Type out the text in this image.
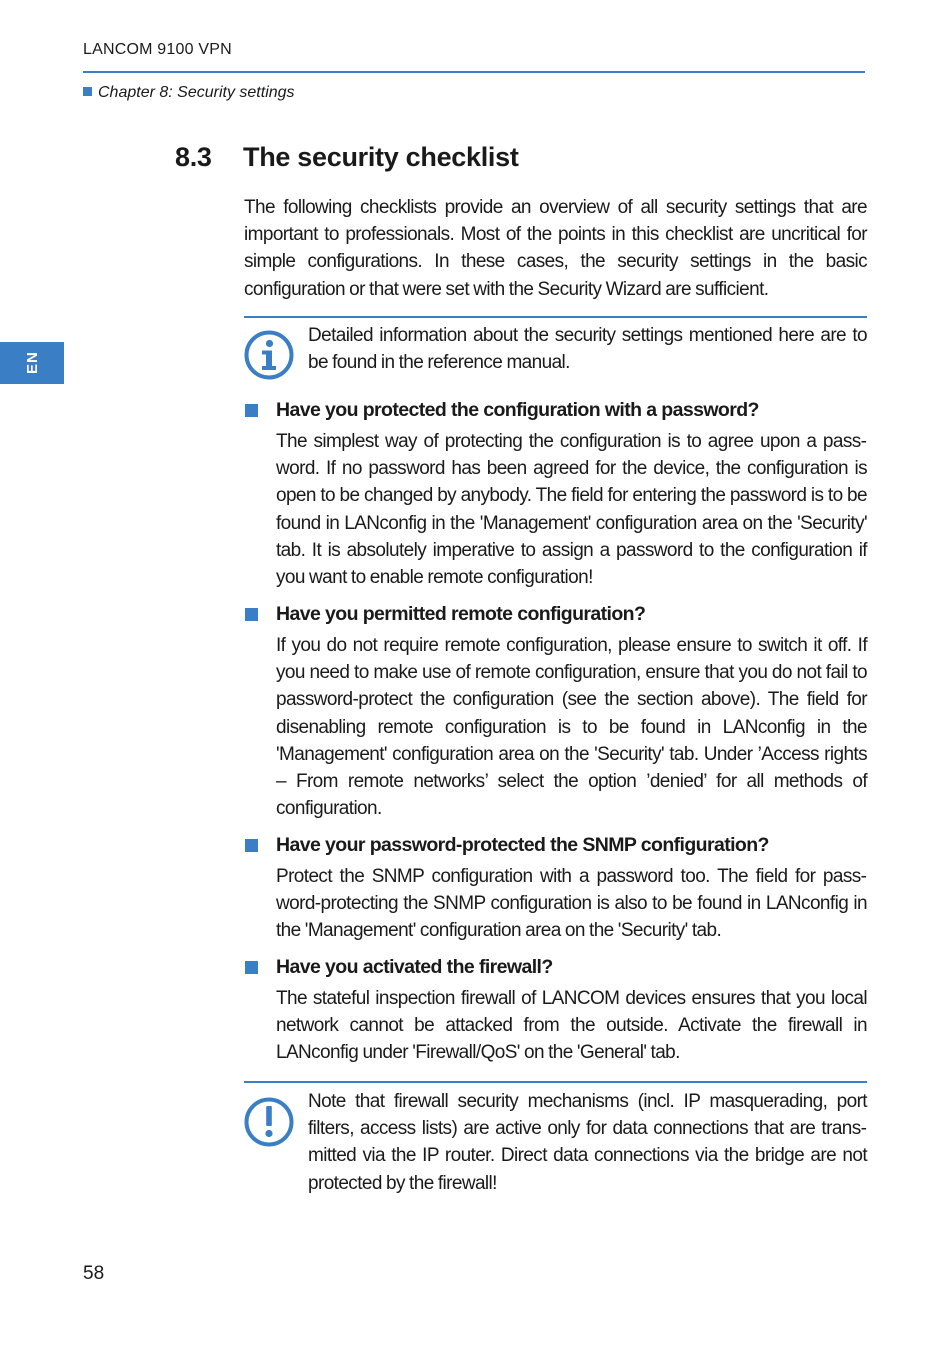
LANCOM 9100 VPN
Chapter 8: Security settings
EN
8.3 The security checklist
The following checklists provide an overview of all security settings that are important to professionals. Most of the points in this checklist are uncritical for simple configurations. In these cases, the security settings in the basic configuration or that were set with the Security Wizard are sufficient.
Detailed information about the security settings mentioned here are to be found in the reference manual.
Have you protected the configuration with a password?
The simplest way of protecting the configuration is to agree upon a password. If no password has been agreed for the device, the configuration is open to be changed by anybody. The field for entering the password is to be found in LANconfig in the 'Management' configuration area on the 'Security' tab. It is absolutely imperative to assign a password to the configuration if you want to enable remote configuration!
Have you permitted remote configuration?
If you do not require remote configuration, please ensure to switch it off. If you need to make use of remote configuration, ensure that you do not fail to password-protect the configuration (see the section above). The field for disenabling remote configuration is to be found in LANconfig in the 'Management' configuration area on the 'Security' tab. Under ’Access rights – From remote networks’ select the option ’denied’ for all methods of configuration.
Have your password-protected the SNMP configuration?
Protect the SNMP configuration with a password too. The field for password-protecting the SNMP configuration is also to be found in LANconfig in the 'Management' configuration area on the 'Security' tab.
Have you activated the firewall?
The stateful inspection firewall of LANCOM devices ensures that you local network cannot be attacked from the outside. Activate the firewall in LANconfig under 'Firewall/QoS' on the 'General' tab.
Note that firewall security mechanisms (incl. IP masquerading, port filters, access lists) are active only for data connections that are transmitted via the IP router. Direct data connections via the bridge are not protected by the firewall!
58
